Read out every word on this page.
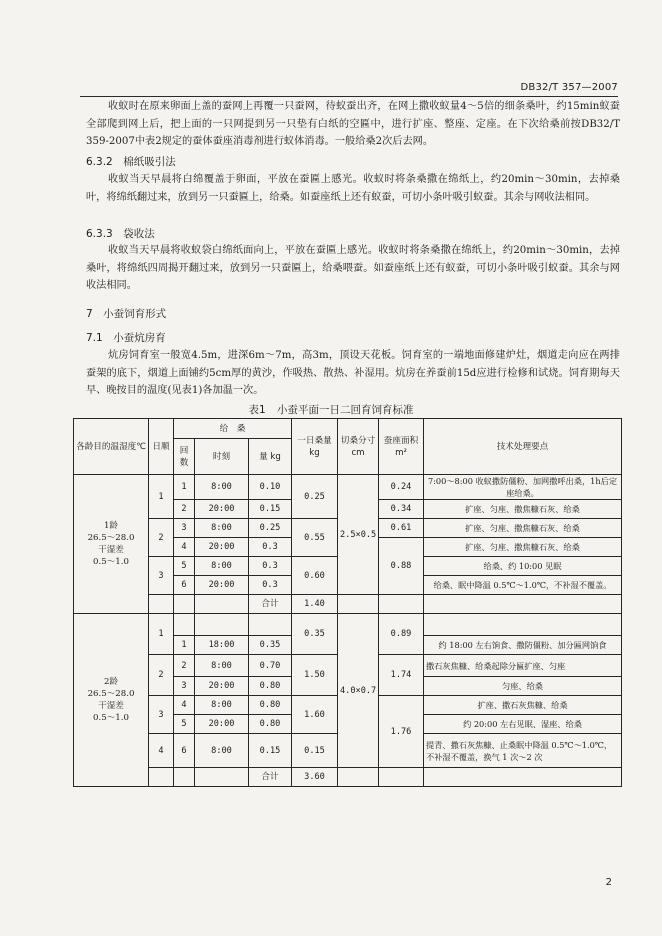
DB32/T 357—2007

收蚁时在原来卵面上盖的蚕网上再覆一只蚕网，待蚁蚕出齐，在网上撒收蚁量4～5倍的细条桑叶，约15min蚁蚕全部爬到网上后，把上面的一只网提到另一只垫有白纸的空匾中，进行扩座、整座、定座。在下次给桑前按DB32/T 359-2007中表2规定的蚕体蚕座消毒剂进行蚁体消毒。一般给桑2次后去网。

6.3.2　棉纸吸引法

收蚁当天早晨将白绵覆盖于卵面，平放在蚕匾上感光。收蚁时将条桑撒在绵纸上，约20min～30min，去掉桑叶，将绵纸翻过来，放到另一只蚕匾上，给桑。如蚕座纸上还有蚁蚕，可切小条叶吸引蚁蚕。其余与网收法相同。

6.3.3　袋收法

收蚁当天早晨将收蚁袋白绵纸面向上，平放在蚕匾上感光。收蚁时将条桑撒在绵纸上，约20min～30min，去掉桑叶，将绵纸四周揭开翻过来，放到另一只蚕匾上，给桑喂蚕。如蚕座纸上还有蚁蚕，可切小条叶吸引蚁蚕。其余与网收法相同。

7　小蚕饲育形式

7.1　小蚕炕房育

炕房饲育室一般宽4.5m，进深6m～7m，高3m，顶设天花板。饲育室的一端地面修建炉灶，烟道走向应在两排蚕架的底下，烟道上面铺约5cm厚的黄沙，作吸热、散热、补湿用。炕房在养蚕前15d应进行检修和试烧。饲育期每天早、晚按目的温度(见表1)各加温一次。

表1 小蚕平面一日二回育饲育标准
各龄目的温湿度℃	日顺	给　桑			一日桑量kg	切桑分寸cm	蚕座面积m²	技术处理要点
		回数	时刻	量 kg				

1龄
26.5～28.0
干湿差
0.5～1.0	1	1	8:00	0.10	0.25	2.5×0.5	0.24	7:00～8:00 收蚁撒防僵粉、加网撒呼出桑，1h后定座给桑。
		2	20:00	0.15			0.34	扩座、匀座、撒焦糠石灰、给桑
	2	3	8:00	0.25	0.55		0.61	扩座、匀座、撒焦糠石灰、给桑
		4	20:00	0.3			0.88	扩座、匀座、撒焦糠石灰、给桑
	3	5	8:00	0.3	0.60			给桑、约 10:00 见眠
		6	20:00	0.3				给桑、眠中降温 0.5℃～1.0℃，不补湿不覆盖。
				合计	1.40			

2龄
26.5～28.0
干湿差
0.5～1.0	1				0.35	4.0×0.7	0.89	
		1	18:00	0.35				约 18:00 左右饷食、撒防僵粉、加分匾网饷食
	2	2	8:00	0.70	1.50		1.74	撒石灰焦糠、给桑起除分匾扩座、匀座
		3	20:00	0.80				匀座、给桑
	3	4	8:00	0.80	1.60		1.76	扩座、撒石灰焦糠、给桑
		5	20:00	0.80				约 20:00 左右见眠、湿座、给桑
	4	6	8:00	0.15	0.15			提青、撒石灰焦糠、止桑眠中降温 0.5℃～1.0℃，不补湿不覆盖，换气 1 次～2 次
				合计	3.60			
2
